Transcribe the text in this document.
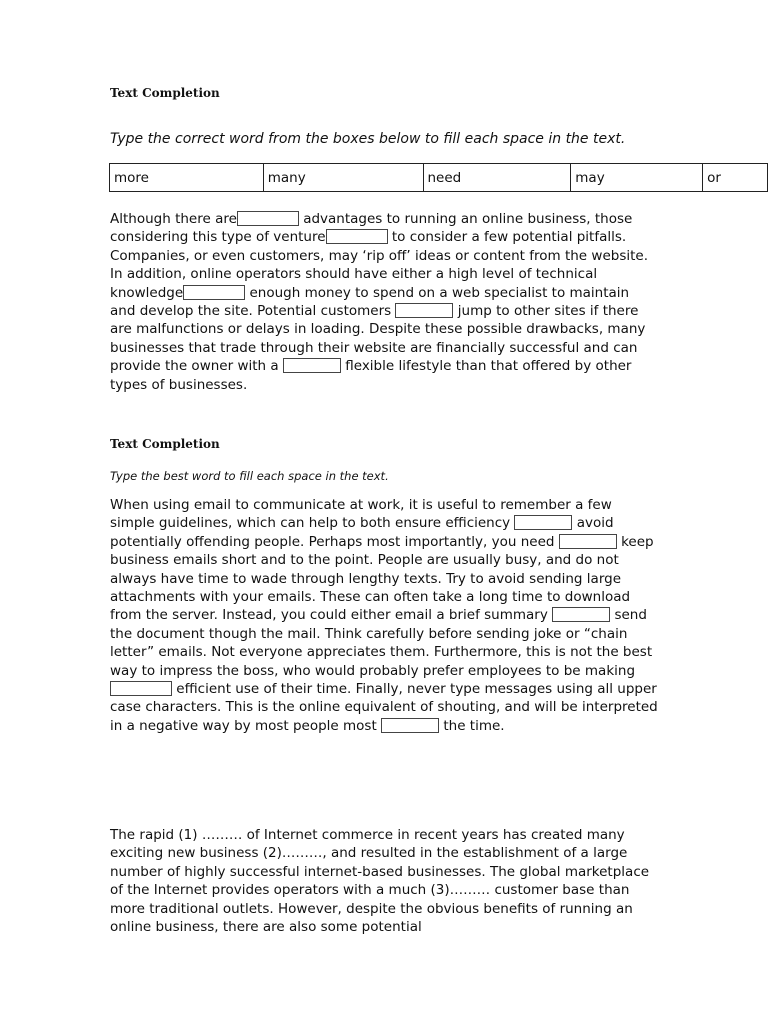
Text Completion

Type the correct word from the boxes below to fill each space in the text.

more	many	need	may	or

Although there are	advantages to running an online business, those considering this type of venture	to consider a few potential pitfalls. Companies, or even customers, may ‘rip off’ ideas or content from the website. In addition, online operators should have either a high level of technical knowledge	enough money to spend on a web specialist to maintain and develop the site. Potential customers	jump to other sites if there are malfunctions or delays in loading. Despite these possible drawbacks, many businesses that trade through their website are financially successful and can provide the owner with a	flexible lifestyle than that offered by other types of businesses.

Text Completion

Type the best word to fill each space in the text.

When using email to communicate at work, it is useful to remember a few simple guidelines, which can help to both ensure efficiency	avoid potentially offending people. Perhaps most importantly, you need	keep business emails short and to the point. People are usually busy, and do not always have time to wade through lengthy texts. Try to avoid sending large attachments with your emails. These can often take a long time to download from the server. Instead, you could either email a brief summary	send the document though the mail. Think carefully before sending joke or “chain letter” emails. Not everyone appreciates them. Furthermore, this is not the best way to impress the boss, who would probably prefer employees to be making efficient use of their time. Finally, never type messages using all upper case characters. This is the online equivalent of shouting, and will be interpreted in a negative way by most people most	the time.

The rapid (1) ……… of Internet commerce in recent years has created many exciting new business (2)………, and resulted in the establishment of a large number of highly successful internet-based businesses. The global marketplace of the Internet provides operators with a much (3)……… customer base than more traditional outlets. However, despite the obvious benefits of running an online business, there are also some potential
